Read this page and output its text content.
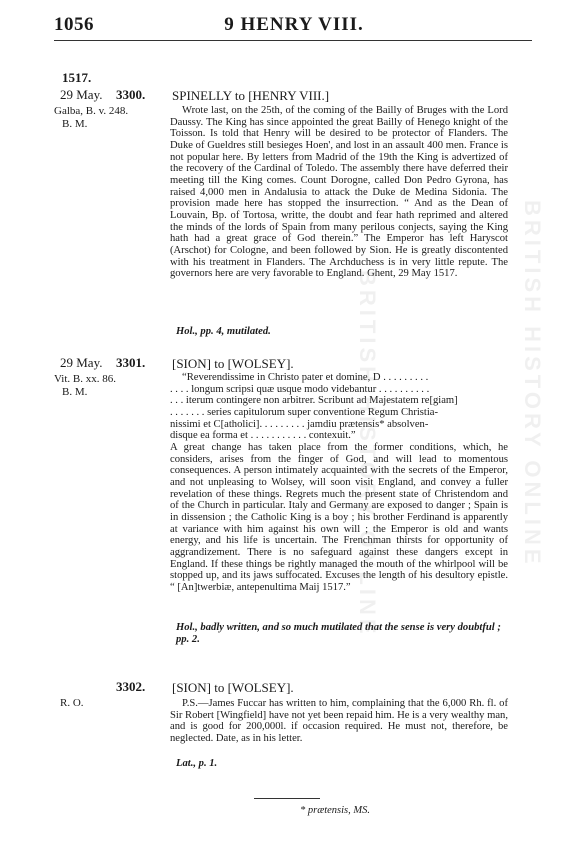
1056	9 HENRY VIII.
1517.
29 May. 3300.
Galba, B. v. 248.
B. M.
SPINELLY to [HENRY VIII.]

Wrote last, on the 25th, of the coming of the Bailly of Bruges with the Lord Daussy. The King has since appointed the great Bailly of Henego knight of the Toisson. Is told that Henry will be desired to be protector of Flanders. The Duke of Gueldres still besieges Hoen', and lost in an assault 400 men. France is not popular here. By letters from Madrid of the 19th the King is advertized of the recovery of the Cardinal of Toledo. The assembly there have deferred their meeting till the King comes. Count Dorogne, called Don Pedro Gyrona, has raised 4,000 men in Andalusia to attack the Duke de Medina Sidonia. The provision made here has stopped the insurrection. “ And as the Dean of Louvain, Bp. of Tortosa, writte, the doubt and fear hath reprimed and altered the minds of the lords of Spain from many perilous conjects, saying the King hath had a great grace of God therein.” The Emperor has left Haryscot (Arschot) for Cologne, and been followed by Sion. He is greatly discontented with his treatment in Flanders. The Archduchess is in very little repute. The governors here are very favorable to England. Ghent, 29 May 1517.

Hol., pp. 4, mutilated.
29 May. 3301.
Vit. B. xx. 86.
B. M.
[SION] to [WOLSEY].
“Reverendissime in Christo pater et domine, D . . . . . . . . .
. . . . longum scripsi quæ usque modo videbantur . . . . . . . . . .
. . . iterum contingere non arbitrer. Scribunt ad Majestatem re[giam]
. . . . . . . series capitulorum super conventione Regum Christia-
nissimi et C[atholici]. . . . . . . . . jamdiu prætensis* absolven-
disque ea forma et . . . . . . . . . . . contexuit.”

A great change has taken place from the former conditions, which, he considers, arises from the finger of God, and will lead to momentous consequences. A person intimately acquainted with the secrets of the Emperor, and not unpleasing to Wolsey, will soon visit England, and convey a fuller revelation of these things. Regrets much the present state of Christendom and of the Church in particular. Italy and Germany are exposed to danger ; Spain is in dissension ; the Catholic King is a boy ; his brother Ferdinand is apparently at variance with him against his own will ; the Emperor is old and wants energy, and his life is uncertain. The Frenchman thirsts for opportunity of aggrandizement. There is no safeguard against these dangers except in England. If these things be rightly managed the mouth of the whirlpool will be stopped up, and its jaws suffocated. Excuses the length of his desultory epistle. “ [An]twerbiæ, antepenultima Maij 1517.”

Hol., badly written, and so much mutilated that the sense is very doubtful ; pp. 2.
3302.
R. O.
[SION] to [WOLSEY].

P.S.—James Fuccar has written to him, complaining that the 6,000 Rh. fl. of Sir Robert [Wingfield] have not yet been repaid him. He is a very wealthy man, and is good for 200,000l. if occasion required. He must not, therefore, be neglected. Date, as in his letter.

Lat., p. 1.
* prætensis, MS.
BRITISH HISTORY ONLINE
BRITISH HISTORY ONLINE
